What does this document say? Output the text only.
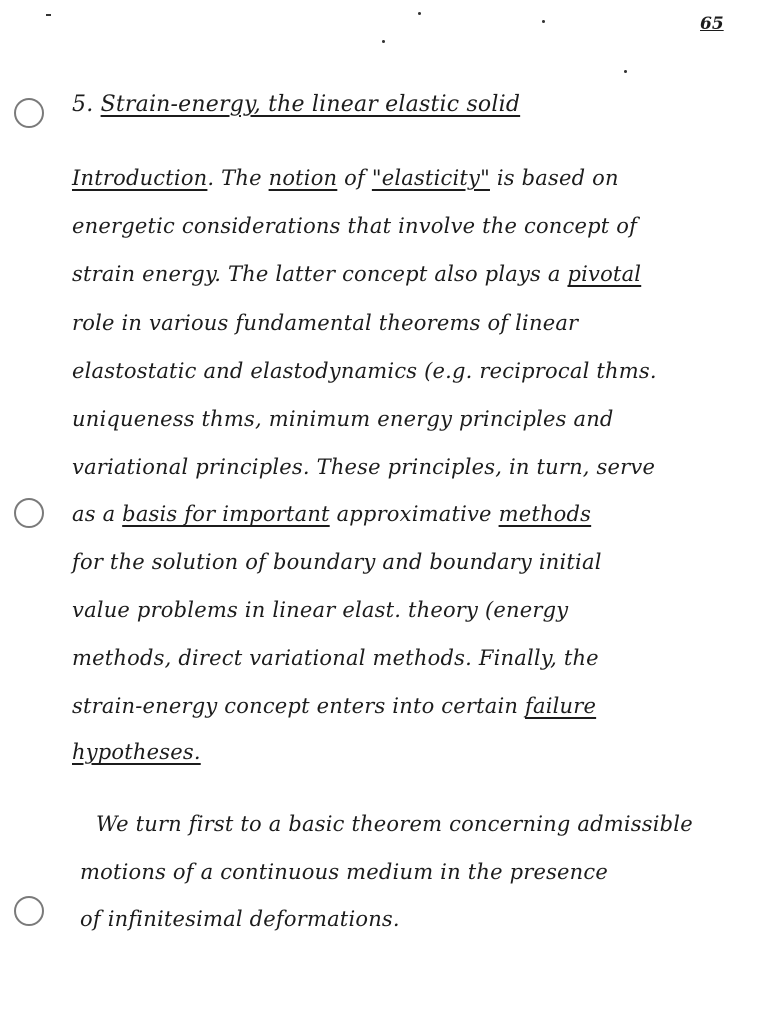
65
5. Strain-energy, the linear elastic solid
Introduction. The notion of "elasticity" is based on
energetic considerations that involve the concept of
strain energy. The latter concept also plays a pivotal
role in various fundamental theorems of linear
elastostatic and elastodynamics (e.g. reciprocal thms.
uniqueness thms, minimum energy principles and
variational principles. These principles, in turn, serve
as a basis for important approximative methods
for the solution of boundary and boundary initial
value problems in linear elast. theory (energy
methods, direct variational methods. Finally, the
strain-energy concept enters into certain failure
hypotheses.
We turn first to a basic theorem concerning admissible
motions of a continuous medium in the presence
of infinitesimal deformations.
